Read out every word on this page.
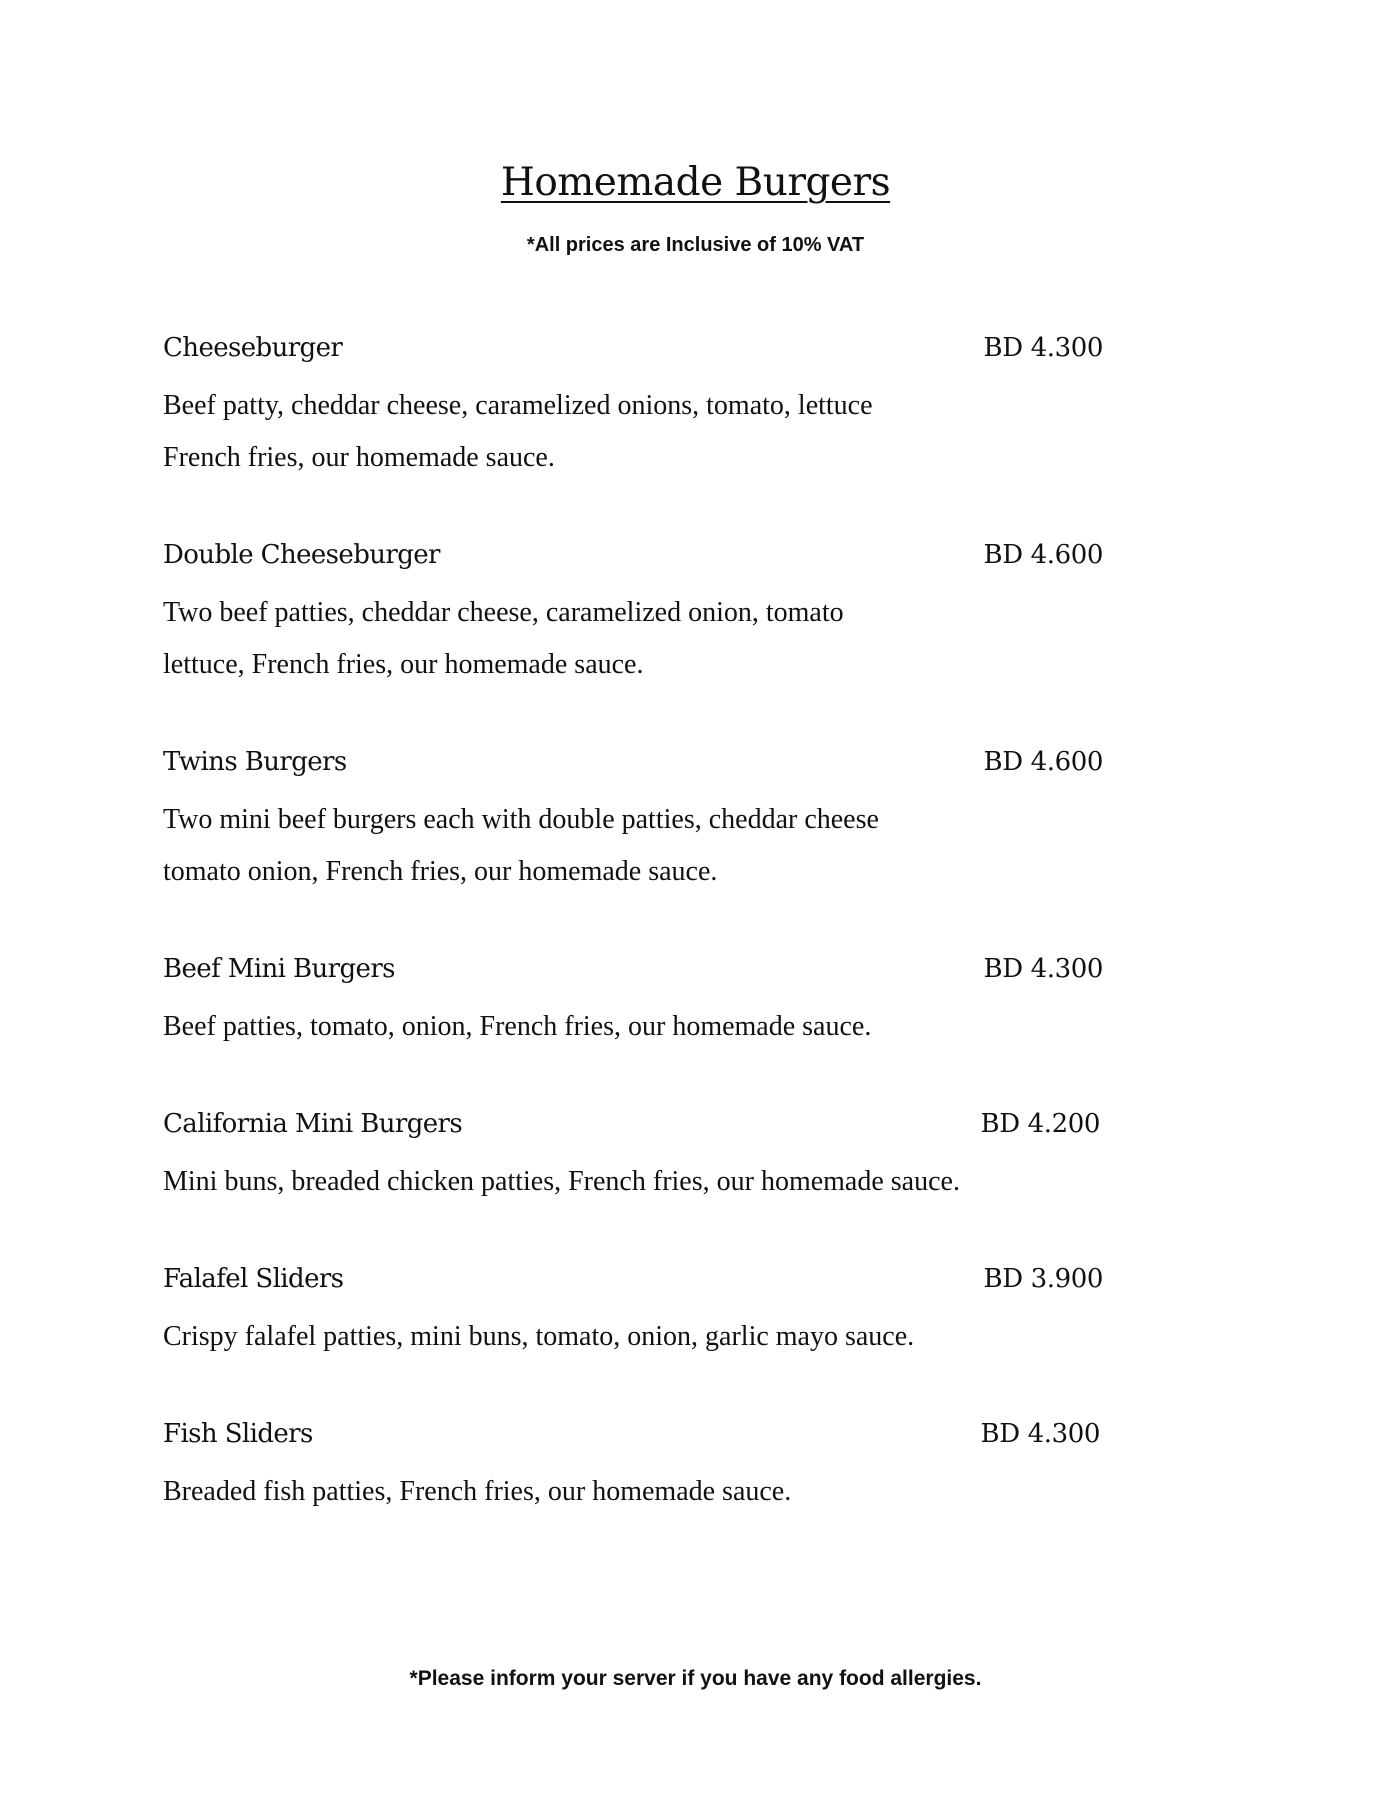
Homemade Burgers
*All prices are Inclusive of 10% VAT
Cheeseburger	BD 4.300
Beef patty, cheddar cheese, caramelized onions, tomato, lettuce
French fries, our homemade sauce.
Double Cheeseburger	BD 4.600
Two beef patties, cheddar cheese, caramelized onion, tomato
lettuce, French fries, our homemade sauce.
Twins Burgers	BD 4.600
Two mini beef burgers each with double patties, cheddar cheese
tomato onion, French fries, our homemade sauce.
Beef Mini Burgers	BD 4.300
Beef patties, tomato, onion, French fries, our homemade sauce.
California Mini Burgers	BD 4.200
Mini buns, breaded chicken patties, French fries, our homemade sauce.
Falafel Sliders	BD 3.900
Crispy falafel patties, mini buns, tomato, onion, garlic mayo sauce.
Fish Sliders	BD 4.300
Breaded fish patties, French fries, our homemade sauce.
*Please inform your server if you have any food allergies.
